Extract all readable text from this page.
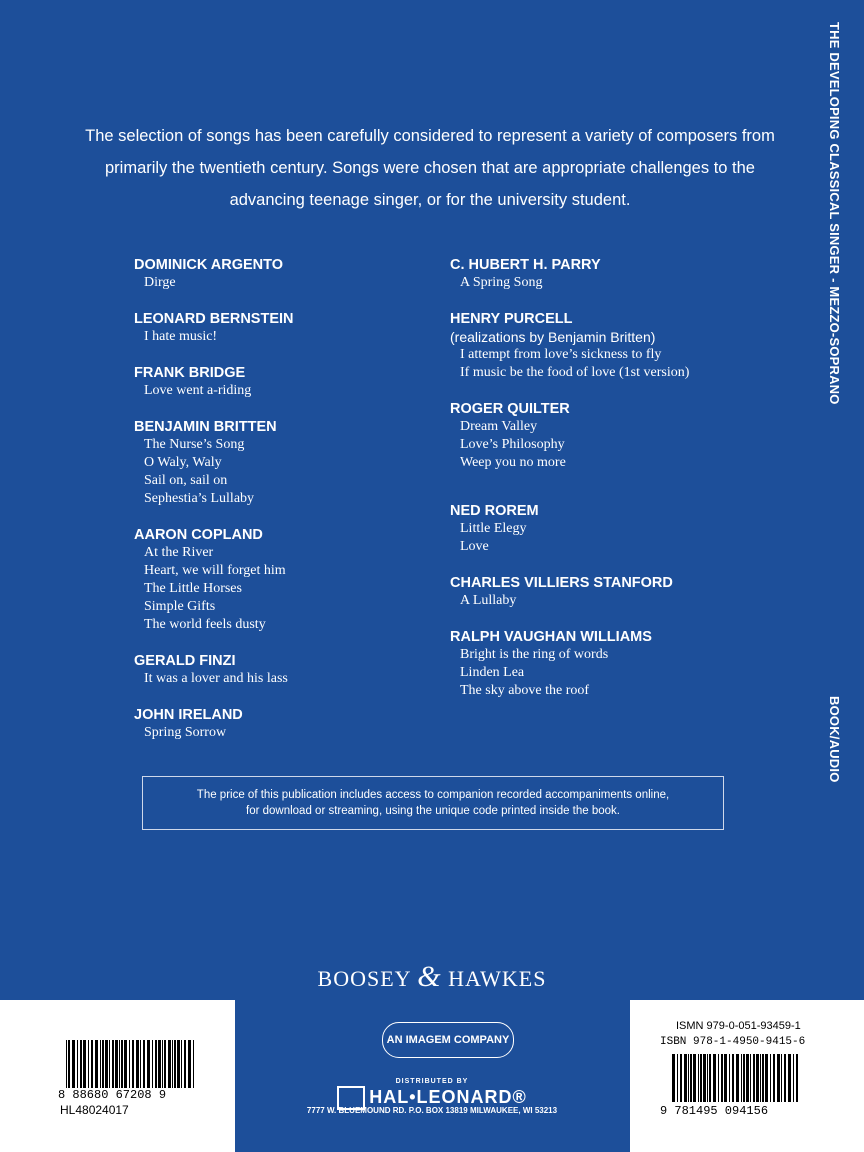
THE DEVELOPING CLASSICAL SINGER - MEZZO-SOPRANO
BOOK/AUDIO
The selection of songs has been carefully considered to represent a variety of composers from primarily the twentieth century. Songs were chosen that are appropriate challenges to the advancing teenage singer, or for the university student.
DOMINICK ARGENTO
Dirge
LEONARD BERNSTEIN
I hate music!
FRANK BRIDGE
Love went a-riding
BENJAMIN BRITTEN
The Nurse’s Song
O Waly, Waly
Sail on, sail on
Sephestia’s Lullaby
AARON COPLAND
At the River
Heart, we will forget him
The Little Horses
Simple Gifts
The world feels dusty
GERALD FINZI
It was a lover and his lass
JOHN IRELAND
Spring Sorrow
C. HUBERT H. PARRY
A Spring Song
HENRY PURCELL
(realizations by Benjamin Britten)
I attempt from love’s sickness to fly
If music be the food of love (1st version)
ROGER QUILTER
Dream Valley
Love’s Philosophy
Weep you no more
NED ROREM
Little Elegy
Love
CHARLES VILLIERS STANFORD
A Lullaby
RALPH VAUGHAN WILLIAMS
Bright is the ring of words
Linden Lea
The sky above the roof
The price of this publication includes access to companion recorded accompaniments online,
for download or streaming, using the unique code printed inside the book.
BOOSEY & HAWKES
U.S. $16.99
8 88680 67208 9
HL48024017
ISMN 979-0-051-93459-1
ISBN 978-1-4950-9415-6
9 781495 094156
AN IMAGEM COMPANY
DISTRIBUTED BY
HAL•LEONARD®
7777 W. BLUEMOUND RD. P.O. BOX 13819 MILWAUKEE, WI 53213
